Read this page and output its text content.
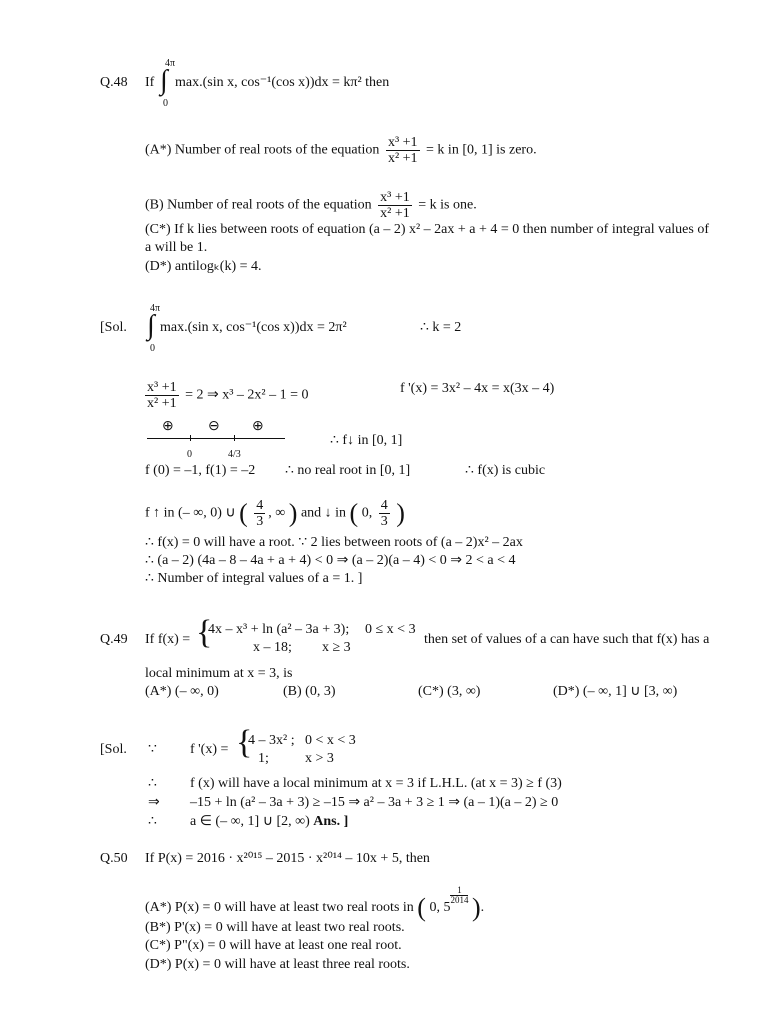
Q.48 If
4π
∫
0
max.(sin x, cos⁻¹(cos x))dx = kπ² then
(A*) Number of real roots of the equation $\frac{\text{x³ +1}}{\text{x² +1}} = k$ in [0, 1] is zero.
(B) Number of real roots of the equation $\frac{\text{x³ +1}}{\text{x² +1}} = k$ is one.
(C*) If k lies between roots of equation (a – 2) x² – 2ax + a + 4 = 0 then number of integral values of
a will be 1.
(D*) antilogₖ(k) = 4.
[Sol.
4π
∫
0
max.(sin x, cos⁻¹(cos x))dx = 2π²	∴ k = 2
$\frac{\text{x³ +1}}{\text{x² +1}} = 2$ ⇒ x³ – 2x² – 1 = 0	f '(x) = 3x² – 4x = x(3x – 4)
⊕ ⊖ ⊕
0	4/3
∴ f↓ in [0, 1]
f (0) = –1, f(1) = –2 ∴ no real root in [0, 1]	∴ f(x) is cubic
f ↑ in (– ∞, 0) ∪ ( $\frac{4}{3}$ , ∞ ) and ↓ in ( 0, $\frac{4}{3}$ )
∴ f(x) = 0 will have a root. ∵ 2 lies between roots of (a – 2)x² – 2ax
∴ (a – 2) (4a – 8 – 4a + a + 4) < 0 ⇒ (a – 2)(a – 4) < 0 ⇒ 2 < a < 4
∴ Number of integral values of a = 1. ]
Q.49 If f(x) = {
4x – x³ + ln (a² – 3a + 3); 0 ≤ x < 3
x – 18; x ≥ 3
then set of values of a can have such that f(x) has a
local minimum at x = 3, is
(A*) (– ∞, 0)	(B) (0, 3)	(C*) (3, ∞)	(D*) (– ∞, 1] ∪ [3, ∞)
[Sol. ∵ f '(x) = {
4 – 3x² ; 0 < x < 3
1;	x > 3
∴ f (x) will have a local minimum at x = 3 if L.H.L. (at x = 3) ≥ f (3)
⇒ –15 + ln (a² – 3a + 3) ≥ –15 ⇒ a² – 3a + 3 ≥ 1 ⇒ (a – 1)(a – 2) ≥ 0
∴ a ∈ (– ∞, 1] ∪ [2, ∞) Ans. ]
Q.50 If P(x) = 2016 · x²⁰¹⁵ – 2015 · x²⁰¹⁴ – 10x + 5, then
(A*) P(x) = 0 will have at least two real roots in ( 0, 5
$\frac{1}{2014}$ ).
(B*) P'(x) = 0 will have at least two real roots.
(C*) P"(x) = 0 will have at least one real root.
(D*) P(x) = 0 will have at least three real roots.
